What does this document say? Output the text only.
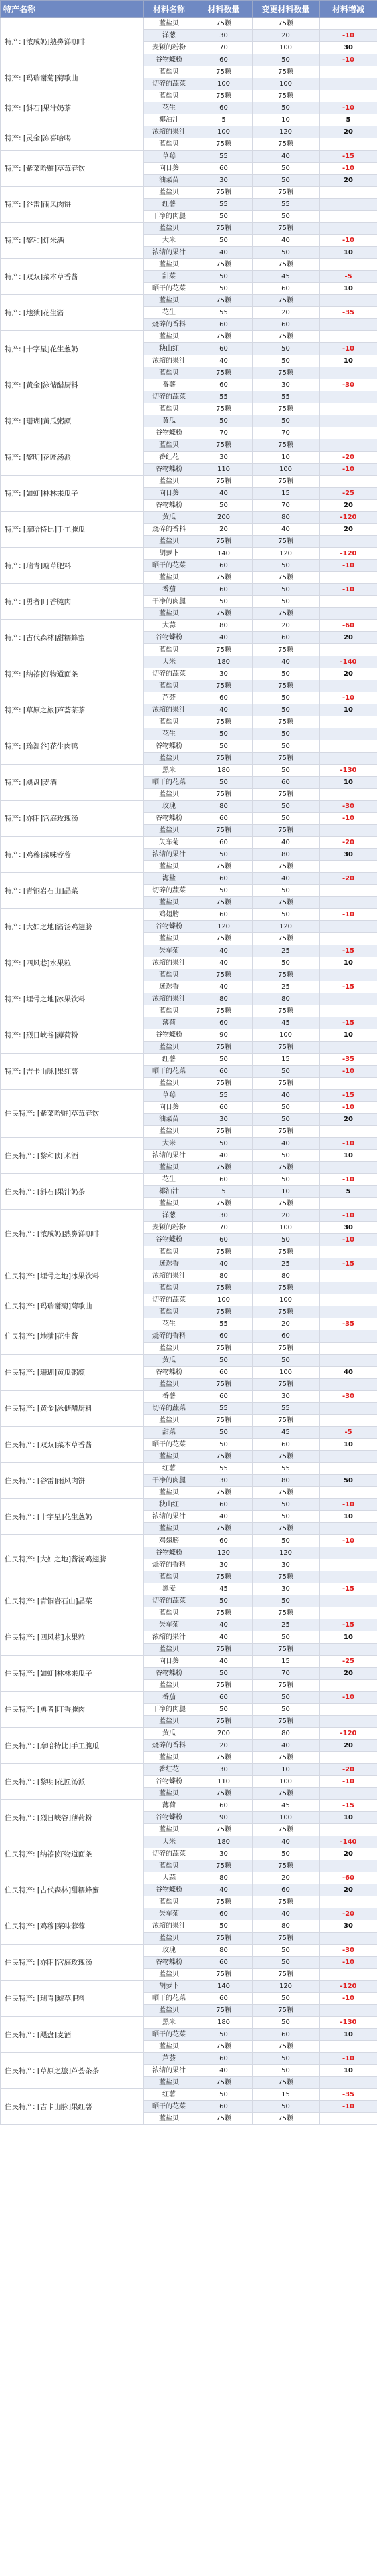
特产名称	材料名称	材料数量	变更材料数量	材料增减
特产: [浓咸奶]熟鼻涕咖啡	蓝盐贝	75颗	75颗	
	洋葱	30	20	-10
	麦颗的粉粉	70	100	30
	谷物蝶粉	60	50	-10
特产: [玛瑞谢菊]菊歌曲	蓝盐贝	75颗	75颗	
	切碎的蔬菜	100	100	
特产: [斜石]果汁奶茶	蓝盐贝	75颗	75颗	
	花生	60	50	-10
	椰油汁	5	10	5
特产: [灵金]冻喜哈喝	浓缩的果汁	100	120	20
	蓝盐贝	75颗	75颗	
特产: [紫菜哈赃]草莓春饮	草莓	55	40	-15
	向日葵	60	50	-10
	油菜苗	30	50	20
特产: [谷雷]雨风肉饼	蓝盐贝	75颗	75颗	
	红薯	55	55	
	干净的肉腿	50	50	
特产: [黎和]灯米酒	蓝盐贝	75颗	75颗	
	大米	50	40	-10
	浓缩的果汁	40	50	10
特产: [双双]菜本草香酱	蓝盐贝	75颗	75颗	
	甜菜	50	45	-5
	晒干的花菜	50	60	10
特产: [地狱]花生酱	蓝盐贝	75颗	75颗	
	花生	55	20	-35
	烧碎的香料	60	60	
特产: [十字星]花生葱奶	蓝盐贝	75颗	75颗	
	秧山红	60	50	-10
	浓缩的果汁	40	50	10
特产: [黄金]泳储醋厨料	蓝盐贝	75颗	75颗	
	番薯	60	30	-30
	切碎的蔬菜	55	55	
特产: [珊瑚]黄瓜粥颜	蓝盐贝	75颗	75颗	
	黄瓜	50	50	
	谷物蝶粉	70	70	
特产: [黎明]花匠汤派	蓝盐贝	75颗	75颗	
	番红花	30	10	-20
	谷物蝶粉	110	100	-10
特产: [如虹]林林来瓜子	蓝盐贝	75颗	75颗	
	向日葵	40	15	-25
	谷物蝶粉	50	70	20
特产: [摩哈特比]手工腌瓜	黄瓜	200	80	-120
	烧碎的香料	20	40	20
	蓝盐贝	75颗	75颗	
特产: [瑞青]琥草肥料	胡萝卜	140	120	-120
	晒干的花菜	60	50	-10
	蓝盐贝	75颗	75颗	
特产: [勇者]叮香腌肉	番茄	60	50	-10
	干净的肉腿	50	50	
	蓝盐贝	75颗	75颗	
特产: [古代森林]甜糯蜂蜜	大蒜	80	20	-60
	谷物蝶粉	40	60	20
	蓝盐贝	75颗	75颗	
特产: [纳禧]好物道面条	大米	180	40	-140
	切碎的蔬菜	30	50	20
	蓝盐贝	75颗	75颗	
特产: [草原之旅]芦荟茶茶	芦荟	60	50	-10
	浓缩的果汁	40	50	10
	蓝盐贝	75颗	75颗	
特产: [瑜湿谷]花生肉鸭	花生	50	50	
	谷物蝶粉	50	50	
	蓝盐贝	75颗	75颗	
特产: [飓盘]麦酒	黑米	180	50	-130
	晒干的花菜	50	60	10
	蓝盐贝	75颗	75颗	
特产: [亦阳]宫庭玫瑰汤	玫瑰	80	50	-30
	谷物蝶粉	60	50	-10
	蓝盐贝	75颗	75颗	
特产: [鸡穆]菜味蓉蓉	矢车菊	60	40	-20
	浓缩的果汁	50	80	30
	蓝盐贝	75颗	75颗	
特产: [青铜岩石山]晶菜	海盐	60	40	-20
	切碎的蔬菜	50	50	
	蓝盐贝	75颗	75颗	
特产: [大如之地]酱汤鸡翅膀	鸡翅膀	60	50	-10
	谷物蝶粉	120	120	
	蓝盐贝	75颗	75颗	
特产: [四风巷]水果粒	矢车菊	40	25	-15
	浓缩的果汁	40	50	10
	蓝盐贝	75颗	75颗	
特产: [埋骨之地]冰果饮料	迷迭香	40	25	-15
	浓缩的果汁	80	80	
	蓝盐贝	75颗	75颗	
特产: [烈日峡谷]薄荷粉	薄荷	60	45	-15
	谷物蝶粉	90	100	10
	蓝盐贝	75颗	75颗	
特产: [吉卡山脉]果红薯	红薯	50	15	-35
	晒干的花菜	60	50	-10
	蓝盐贝	75颗	75颗	
住民特产: [紫菜哈赃]草莓春饮	草莓	55	40	-15
	向日葵	60	50	-10
	油菜苗	30	50	20
	蓝盐贝	75颗	75颗	
住民特产: [黎和]灯米酒	大米	50	40	-10
	浓缩的果汁	40	50	10
	蓝盐贝	75颗	75颗	
住民特产: [斜石]果汁奶茶	花生	60	50	-10
	椰油汁	5	10	5
	蓝盐贝	75颗	75颗	
住民特产: [浓咸奶]熟鼻涕咖啡	洋葱	30	20	-10
	麦颗的粉粉	70	100	30
	谷物蝶粉	60	50	-10
	蓝盐贝	75颗	75颗	
住民特产: [埋骨之地]冰果饮料	迷迭香	40	25	-15
	浓缩的果汁	80	80	
	蓝盐贝	75颗	75颗	
住民特产: [玛瑞谢菊]菊歌曲	切碎的蔬菜	100	100	
	蓝盐贝	75颗	75颗	
住民特产: [地狱]花生酱	花生	55	20	-35
	烧碎的香料	60	60	
	蓝盐贝	75颗	75颗	
住民特产: [珊瑚]黄瓜粥颜	黄瓜	50	50	
	谷物蝶粉	60	100	40
	蓝盐贝	75颗	75颗	
住民特产: [黄金]泳储醋厨料	番薯	60	30	-30
	切碎的蔬菜	55	55	
	蓝盐贝	75颗	75颗	
住民特产: [双双]菜本草香酱	甜菜	50	45	-5
	晒干的花菜	50	60	10
	蓝盐贝	75颗	75颗	
住民特产: [谷雷]雨风肉饼	红薯	55	55	
	干净的肉腿	30	80	50
	蓝盐贝	75颗	75颗	
住民特产: [十字星]花生葱奶	秧山红	60	50	-10
	浓缩的果汁	40	50	10
	蓝盐贝	75颗	75颗	
住民特产: [大如之地]酱汤鸡翅膀	鸡翅膀	60	50	-10
	谷物蝶粉	120	120	
	烧碎的香料	30	30	
	蓝盐贝	75颗	75颗	
住民特产: [青铜岩石山]晶菜	黑麦	45	30	-15
	切碎的蔬菜	50	50	
	蓝盐贝	75颗	75颗	
住民特产: [四风巷]水果粒	矢车菊	40	25	-15
	浓缩的果汁	40	50	10
	蓝盐贝	75颗	75颗	
住民特产: [如虹]林林来瓜子	向日葵	40	15	-25
	谷物蝶粉	50	70	20
	蓝盐贝	75颗	75颗	
住民特产: [勇者]叮香腌肉	番茄	60	50	-10
	干净的肉腿	50	50	
	蓝盐贝	75颗	75颗	
住民特产: [摩哈特比]手工腌瓜	黄瓜	200	80	-120
	烧碎的香料	20	40	20
	蓝盐贝	75颗	75颗	
住民特产: [黎明]花匠汤派	番红花	30	10	-20
	谷物蝶粉	110	100	-10
	蓝盐贝	75颗	75颗	
住民特产: [烈日峡谷]薄荷粉	薄荷	60	45	-15
	谷物蝶粉	90	100	10
	蓝盐贝	75颗	75颗	
住民特产: [纳禧]好物道面条	大米	180	40	-140
	切碎的蔬菜	30	50	20
	蓝盐贝	75颗	75颗	
住民特产: [古代森林]甜糯蜂蜜	大蒜	80	20	-60
	谷物蝶粉	40	60	20
	蓝盐贝	75颗	75颗	
住民特产: [鸡穆]菜味蓉蓉	矢车菊	60	40	-20
	浓缩的果汁	50	80	30
	蓝盐贝	75颗	75颗	
住民特产: [亦阳]宫庭玫瑰汤	玫瑰	80	50	-30
	谷物蝶粉	60	50	-10
	蓝盐贝	75颗	75颗	
住民特产: [瑞青]琥草肥料	胡萝卜	140	120	-120
	晒干的花菜	60	50	-10
	蓝盐贝	75颗	75颗	
住民特产: [飓盘]麦酒	黑米	180	50	-130
	晒干的花菜	50	60	10
	蓝盐贝	75颗	75颗	
住民特产: [草原之旅]芦荟茶茶	芦荟	60	50	-10
	浓缩的果汁	40	50	10
	蓝盐贝	75颗	75颗	
住民特产: [吉卡山脉]果红薯	红薯	50	15	-35
	晒干的花菜	60	50	-10
	蓝盐贝	75颗	75颗	
